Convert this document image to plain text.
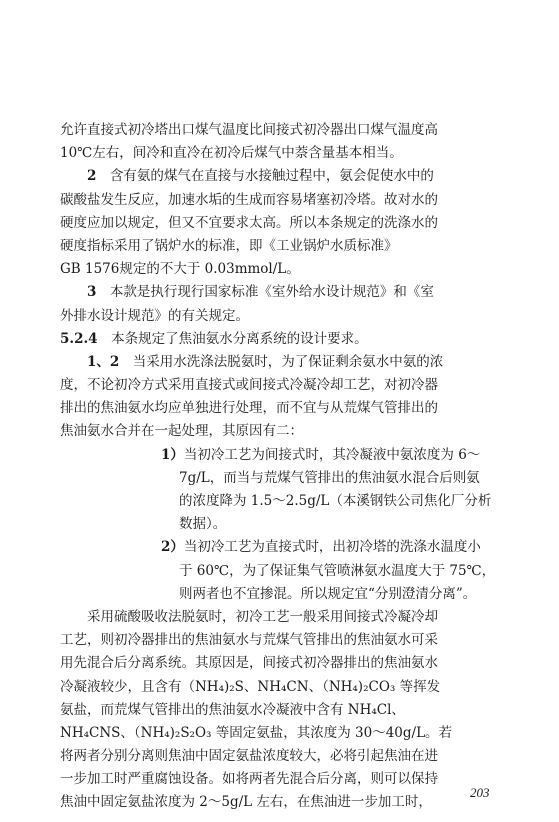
允许直接式初冷塔出口煤气温度比间接式初冷器出口煤气温度高
10℃左右，间冷和直冷在初冷后煤气中萘含量基本相当。
2　含有氨的煤气在直接与水接触过程中，氨会促使水中的
碳酸盐发生反应，加速水垢的生成而容易堵塞初冷塔。故对水的
硬度应加以规定，但又不宜要求太高。所以本条规定的洗涤水的
硬度指标采用了锅炉水的标准，即《工业锅炉水质标准》
GB 1576规定的不大于 0.03mmol/L。
3　本款是执行现行国家标准《室外给水设计规范》和《室
外排水设计规范》的有关规定。
5.2.4　本条规定了焦油氨水分离系统的设计要求。
1、2　当采用水洗涤法脱氨时，为了保证剩余氨水中氨的浓
度，不论初冷方式采用直接式或间接式冷凝冷却工艺，对初冷器
排出的焦油氨水均应单独进行处理，而不宜与从荒煤气管排出的
焦油氨水合并在一起处理，其原因有二：
1）当初冷工艺为间接式时，其冷凝液中氨浓度为 6～
7g/L，而当与荒煤气管排出的焦油氨水混合后则氨
的浓度降为 1.5～2.5g/L（本溪钢铁公司焦化厂分析
数据）。
2）当初冷工艺为直接式时，出初冷塔的洗涤水温度小
于 60℃，为了保证集气管喷淋氨水温度大于 75℃，
则两者也不宜掺混。所以规定宜“分别澄清分离”。
采用硫酸吸收法脱氨时，初冷工艺一般采用间接式冷凝冷却
工艺，则初冷器排出的焦油氨水与荒煤气管排出的焦油氨水可采
用先混合后分离系统。其原因是，间接式初冷器排出的焦油氨水
冷凝液较少，且含有（NH₄)₂S、NH₄CN、（NH₄)₂CO₃ 等挥发
氨盐，而荒煤气管排出的焦油氨水冷凝液中含有 NH₄Cl、
NH₄CNS、（NH₄)₂S₂O₃ 等固定氨盐，其浓度为 30～40g/L。若
将两者分别分离则焦油中固定氨盐浓度较大，必将引起焦油在进
一步加工时严重腐蚀设备。如将两者先混合后分离，则可以保持
焦油中固定氨盐浓度为 2～5g/L 左右，在焦油进一步加工时，
203
